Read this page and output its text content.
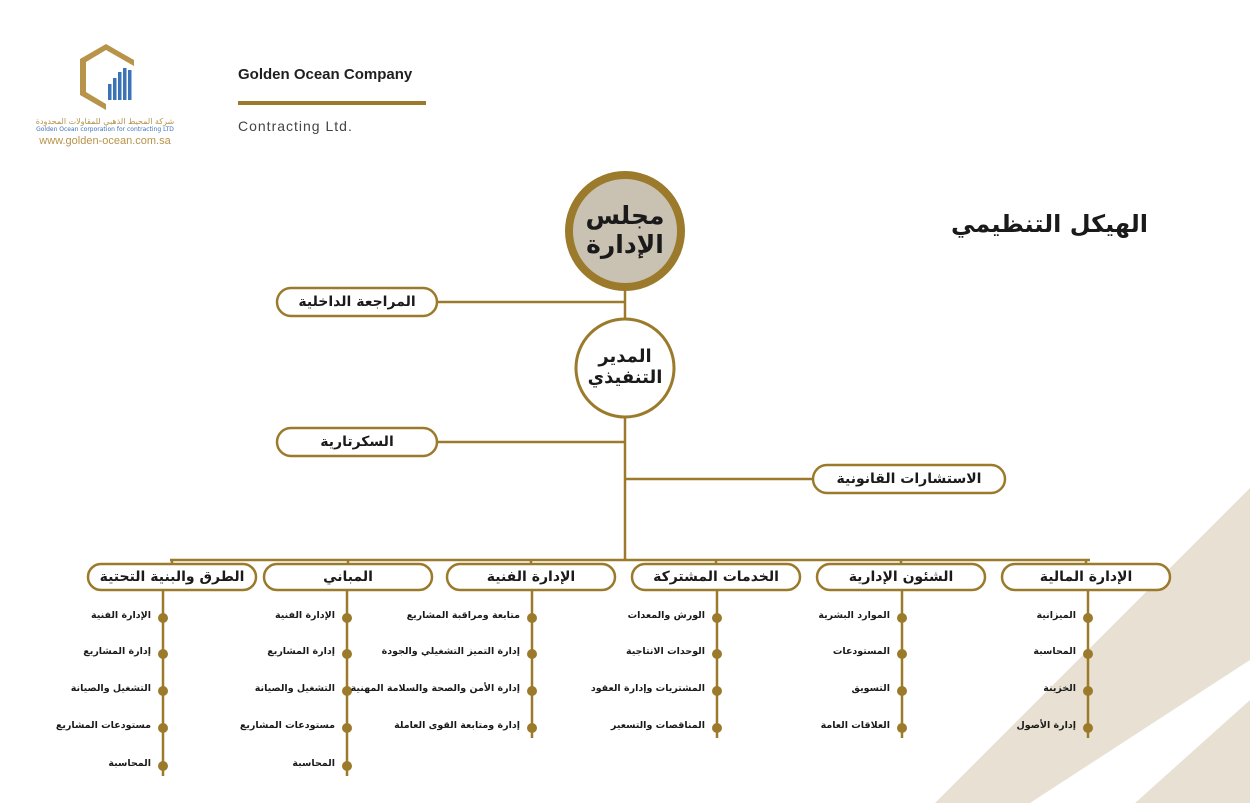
Golden Ocean Company
Contracting Ltd.
شركة المحيط الذهبي للمقاولات المحدودة
Golden Ocean corporation for contracting LTD
www.golden-ocean.com.sa
الهيكل التنظيمي
مجلس
الإدارة
المدير
التنفيذي
المراجعة الداخلية
السكرتارية
الاستشارات القانونية
الإدارة المالية
الميزانية
المحاسبة
الخزينة
إدارة الأصول
الشئون الإدارية
الموارد البشرية
المستودعات
التسويق
العلاقات العامة
الخدمات المشتركة
الورش والمعدات
الوحدات الانتاجية
المشتريات وإدارة العقود
المناقصات والتسعير
الإدارة الفنية
متابعة ومراقبة المشاريع
إدارة التميز التشغيلي والجودة
إدارة الأمن والصحة والسلامة المهنية
إدارة ومتابعة القوى العاملة
المباني
الإدارة الفنية
إدارة المشاريع
التشغيل والصيانة
مستودعات المشاريع
المحاسبة
الطرق والبنية التحتية
الإدارة الفنية
إدارة المشاريع
التشغيل والصيانة
مستودعات المشاريع
المحاسبة
